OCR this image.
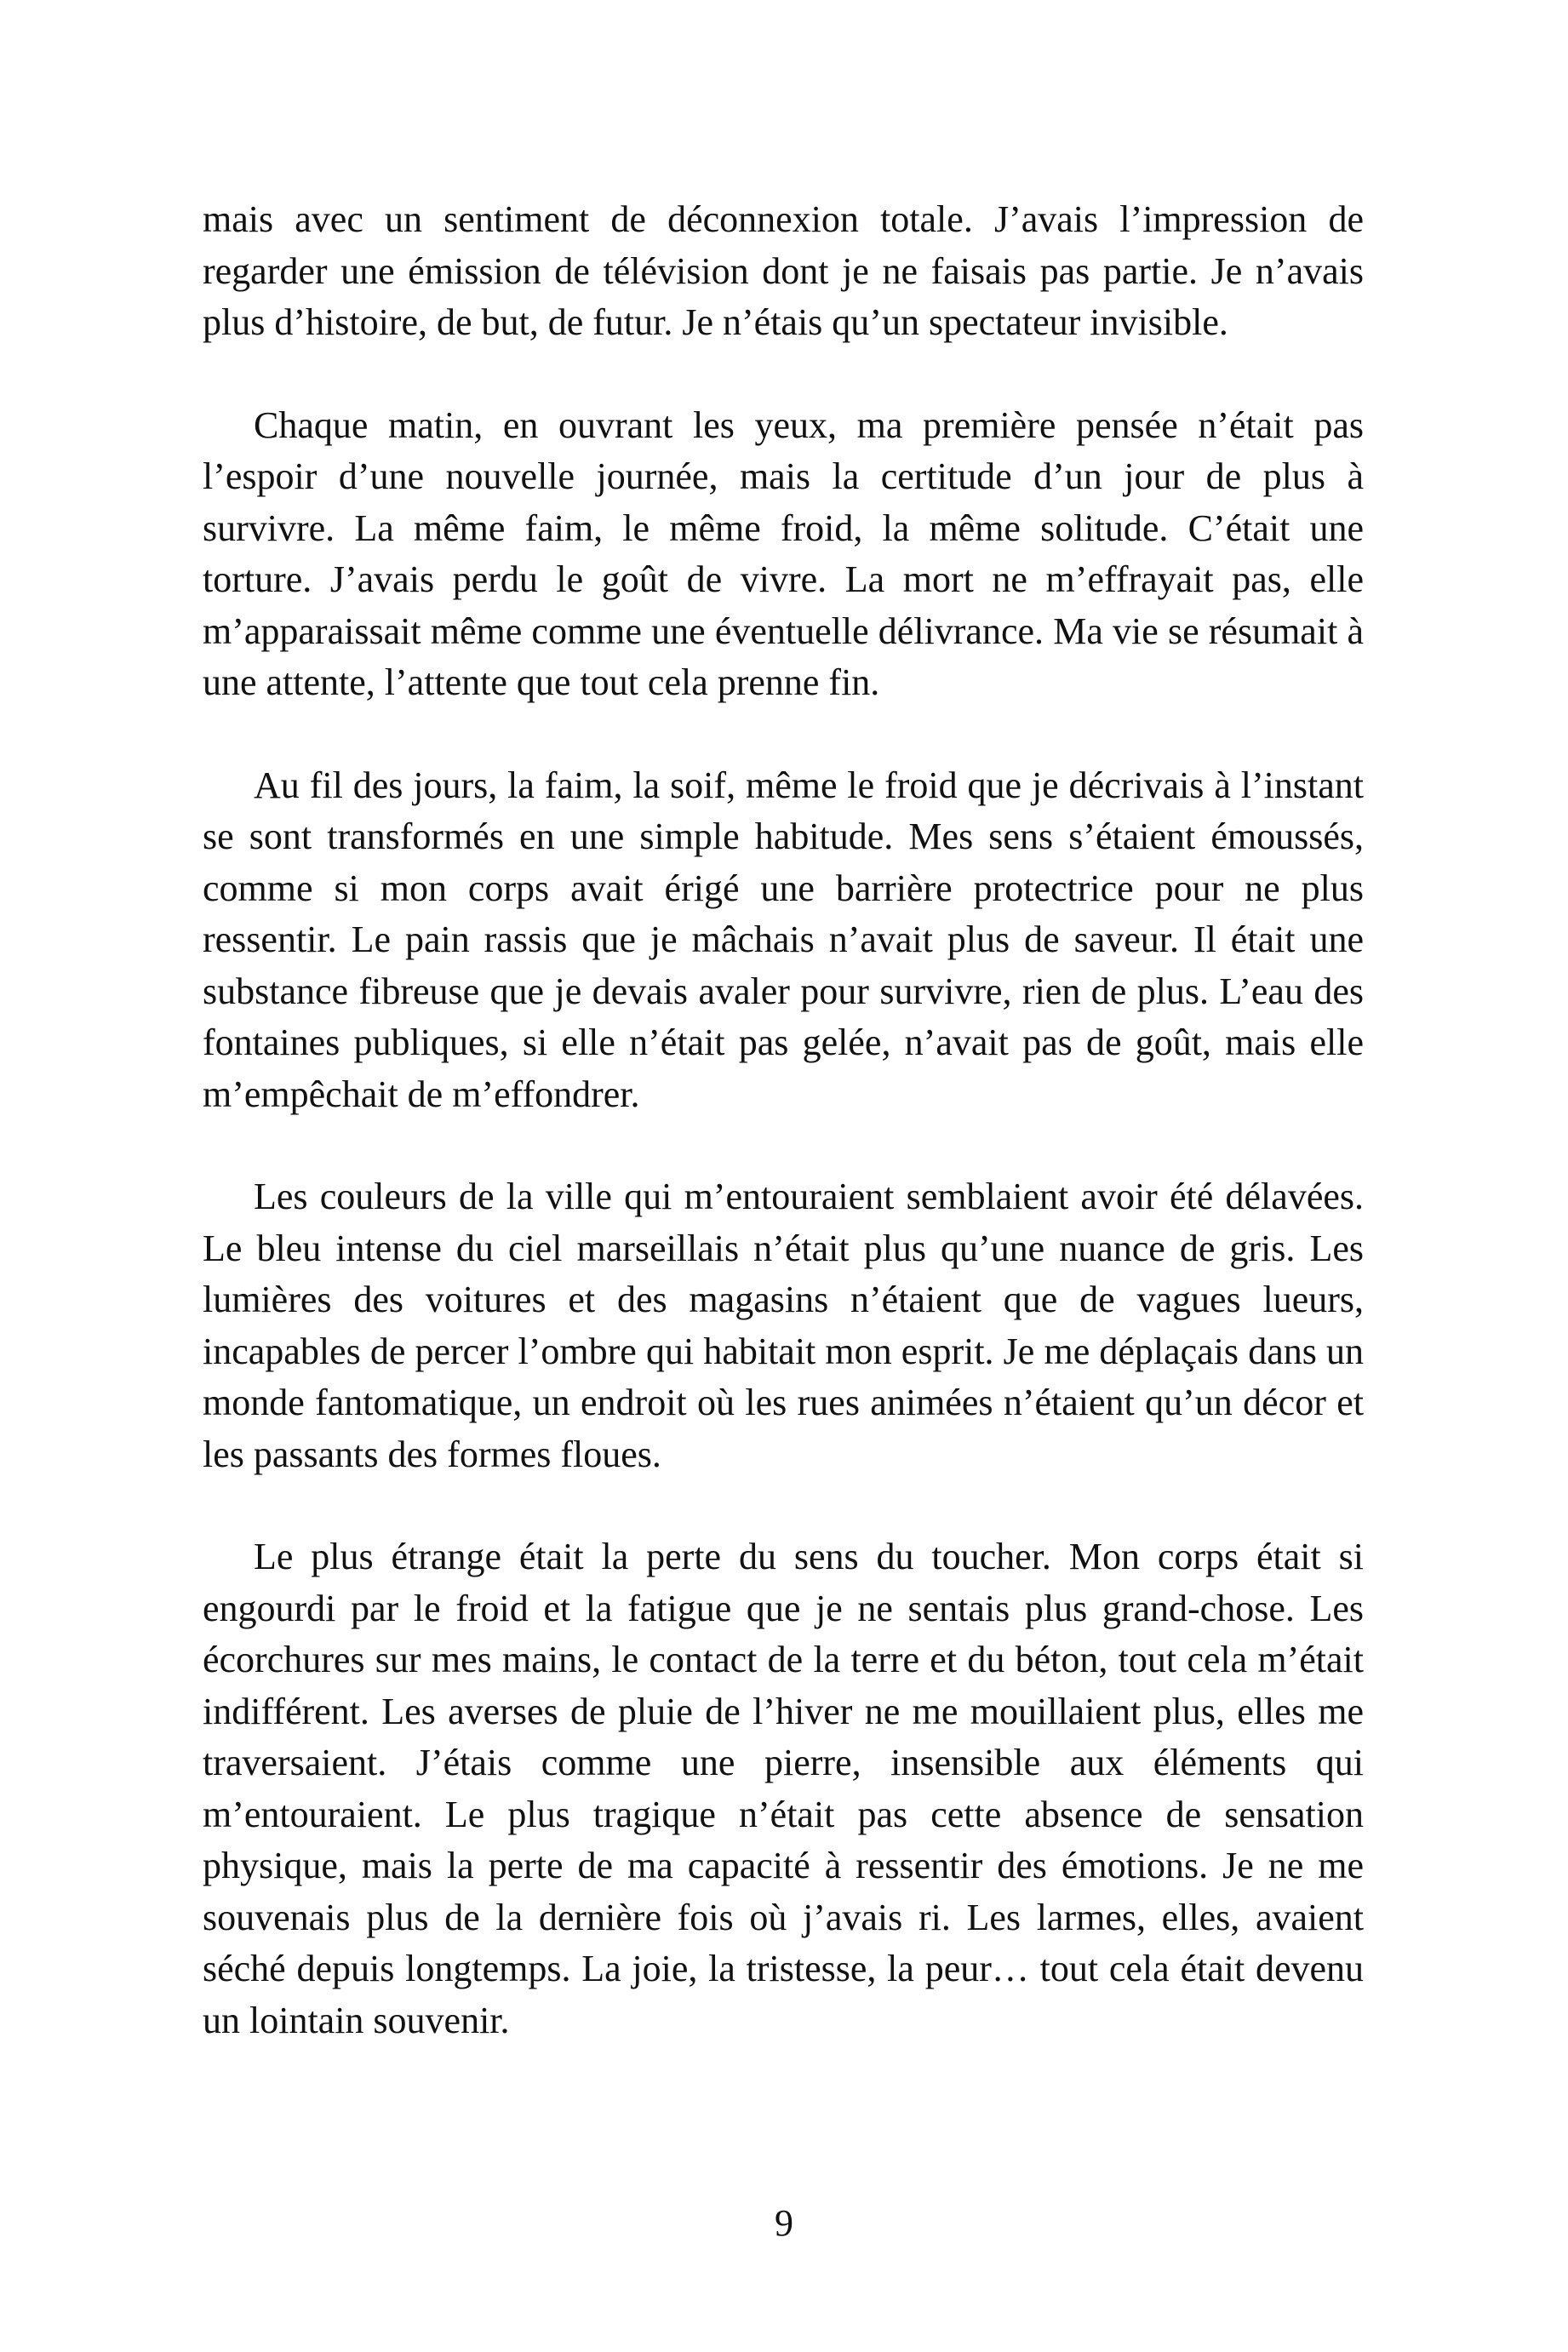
mais avec un sentiment de déconnexion totale. J’avais l’impression de regarder une émission de télévision dont je ne faisais pas partie. Je n’avais plus d’histoire, de but, de futur. Je n’étais qu’un spectateur invisible.

Chaque matin, en ouvrant les yeux, ma première pensée n’était pas l’espoir d’une nouvelle journée, mais la certitude d’un jour de plus à survivre. La même faim, le même froid, la même solitude. C’était une torture. J’avais perdu le goût de vivre. La mort ne m’effrayait pas, elle m’apparaissait même comme une éventuelle délivrance. Ma vie se résumait à une attente, l’attente que tout cela prenne fin.

Au fil des jours, la faim, la soif, même le froid que je décrivais à l’instant se sont transformés en une simple habitude. Mes sens s’étaient émoussés, comme si mon corps avait érigé une barrière protectrice pour ne plus ressentir. Le pain rassis que je mâchais n’avait plus de saveur. Il était une substance fibreuse que je devais avaler pour survivre, rien de plus. L’eau des fontaines publiques, si elle n’était pas gelée, n’avait pas de goût, mais elle m’empêchait de m’effondrer.

Les couleurs de la ville qui m’entouraient semblaient avoir été délavées. Le bleu intense du ciel marseillais n’était plus qu’une nuance de gris. Les lumières des voitures et des magasins n’étaient que de vagues lueurs, incapables de percer l’ombre qui habitait mon esprit. Je me déplaçais dans un monde fantomatique, un endroit où les rues animées n’étaient qu’un décor et les passants des formes floues.

Le plus étrange était la perte du sens du toucher. Mon corps était si engourdi par le froid et la fatigue que je ne sentais plus grand-chose. Les écorchures sur mes mains, le contact de la terre et du béton, tout cela m’était indifférent. Les averses de pluie de l’hiver ne me mouillaient plus, elles me traversaient. J’étais comme une pierre, insensible aux éléments qui m’entouraient. Le plus tragique n’était pas cette absence de sensation physique, mais la perte de ma capacité à ressentir des émotions. Je ne me souvenais plus de la dernière fois où j’avais ri. Les larmes, elles, avaient séché depuis longtemps. La joie, la tristesse, la peur… tout cela était devenu un lointain souvenir.

9
